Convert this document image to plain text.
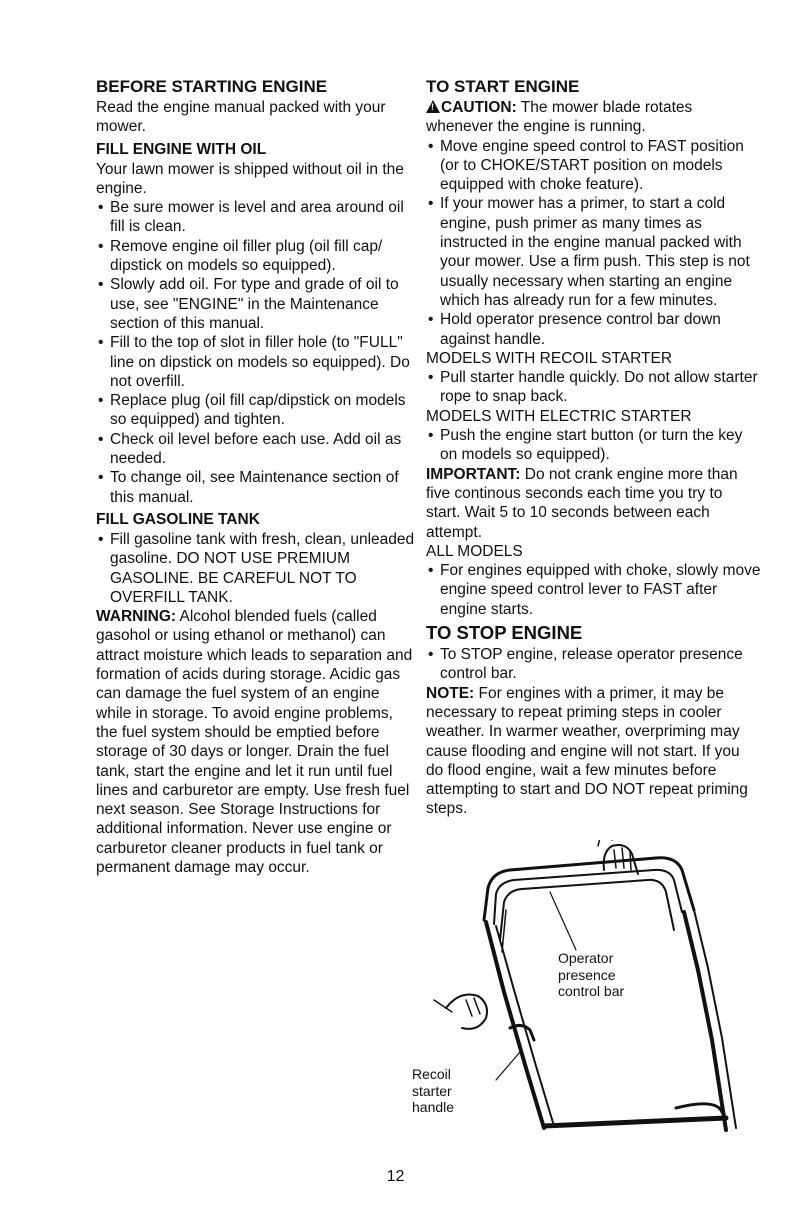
BEFORE STARTING ENGINE

Read the engine manual packed with your mower.

FILL ENGINE WITH OIL

Your lawn mower is shipped without oil in the engine.

• Be sure mower is level and area around oil fill is clean.
• Remove engine oil filler plug (oil fill cap/ dipstick on models so equipped).
• Slowly add oil. For type and grade of oil to use, see "ENGINE" in the Maintenance section of this manual.
• Fill to the top of slot in filler hole (to "FULL" line on dipstick on models so equipped). Do not overfill.
• Replace plug (oil fill cap/dipstick on models so equipped) and tighten.
• Check oil level before each use. Add oil as needed.
• To change oil, see Maintenance section of this manual.

FILL GASOLINE TANK

• Fill gasoline tank with fresh, clean, unleaded gasoline. DO NOT USE PREMIUM GASOLINE. BE CAREFUL NOT TO OVERFILL TANK.

WARNING: Alcohol blended fuels (called gasohol or using ethanol or methanol) can attract moisture which leads to separation and formation of acids during storage. Acidic gas can damage the fuel system of an engine while in storage. To avoid engine problems, the fuel system should be emptied before storage of 30 days or longer. Drain the fuel tank, start the engine and let it run until fuel lines and carburetor are empty. Use fresh fuel next season. See Storage Instructions for additional information. Never use engine or carburetor cleaner products in fuel tank or permanent damage may occur.

TO START ENGINE

!CAUTION: The mower blade rotates whenever the engine is running.

• Move engine speed control to FAST position (or to CHOKE/START position on models equipped with choke feature).
• If your mower has a primer, to start a cold engine, push primer as many times as instructed in the engine manual packed with your mower. Use a firm push. This step is not usually necessary when starting an engine which has already run for a few minutes.
• Hold operator presence control bar down against handle.

MODELS WITH RECOIL STARTER

• Pull starter handle quickly. Do not allow starter rope to snap back.

MODELS WITH ELECTRIC STARTER

• Push the engine start button (or turn the key on models so equipped).

IMPORTANT: Do not crank engine more than five continous seconds each time you try to start. Wait 5 to 10 seconds between each attempt.

ALL MODELS

• For engines equipped with choke, slowly move engine speed control lever to FAST after engine starts.

TO STOP ENGINE

• To STOP engine, release operator presence control bar.

NOTE: For engines with a primer, it may be necessary to repeat priming steps in cooler weather. In warmer weather, overpriming may cause flooding and engine will not start. If you do flood engine, wait a few minutes before attempting to start and DO NOT repeat priming steps.

Operator
presence
control bar
Recoil
starter
handle
12
